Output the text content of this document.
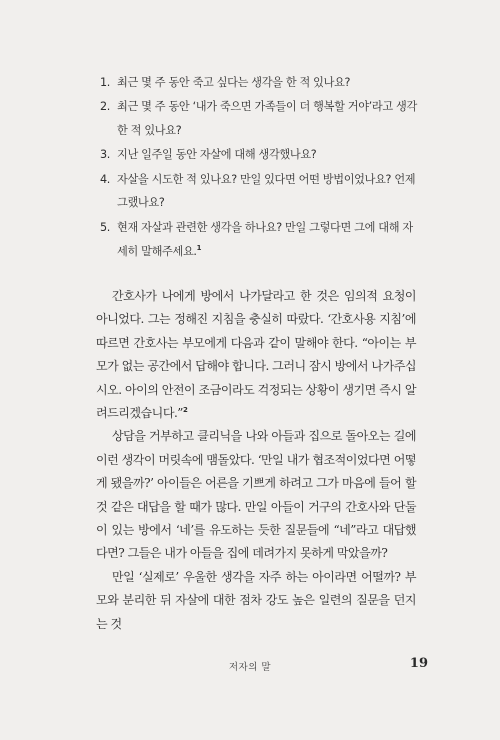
1. 최근 몇 주 동안 죽고 싶다는 생각을 한 적 있나요?
2. 최근 몇 주 동안 ‘내가 죽으면 가족들이 더 행복할 거야’라고 생각한 적 있나요?
3. 지난 일주일 동안 자살에 대해 생각했나요?
4. 자살을 시도한 적 있나요? 만일 있다면 어떤 방법이었나요? 언제 그랬나요?
5. 현재 자살과 관련한 생각을 하나요? 만일 그렇다면 그에 대해 자세히 말해주세요.$^1$

간호사가 나에게 방에서 나가달라고 한 것은 임의적 요청이 아니었다. 그는 정해진 지침을 충실히 따랐다. ‘간호사용 지침’에 따르면 간호사는 부모에게 다음과 같이 말해야 한다. “아이는 부모가 없는 공간에서 답해야 합니다. 그러니 잠시 방에서 나가주십시오. 아이의 안전이 조금이라도 걱정되는 상황이 생기면 즉시 알려드리겠습니다.”$^2$

상담을 거부하고 클리닉을 나와 아들과 집으로 돌아오는 길에 이런 생각이 머릿속에 맴돌았다. ‘만일 내가 협조적이었다면 어떻게 됐을까?’ 아이들은 어른을 기쁘게 하려고 그가 마음에 들어 할 것 같은 대답을 할 때가 많다. 만일 아들이 거구의 간호사와 단둘이 있는 방에서 ‘네’를 유도하는 듯한 질문들에 “네”라고 대답했다면? 그들은 내가 아들을 집에 데려가지 못하게 막았을까?

만일 ‘실제로’ 우울한 생각을 자주 하는 아이라면 어떨까? 부모와 분리한 뒤 자살에 대한 점차 강도 높은 일련의 질문을 던지는 것

저자의 말	19
